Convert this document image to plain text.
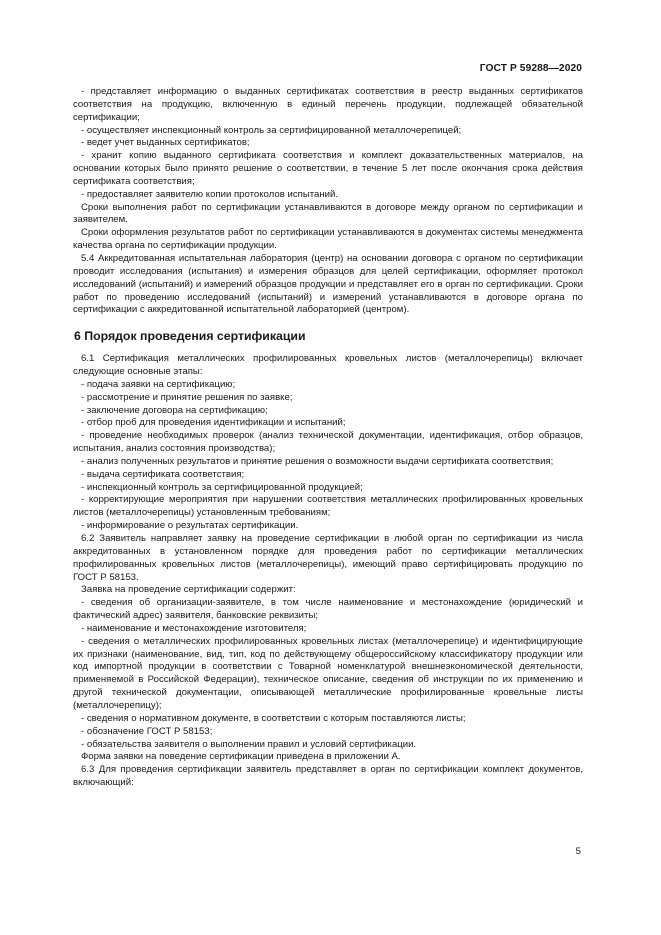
ГОСТ Р 59288—2020

- представляет информацию о выданных сертификатах соответствия в реестр выданных сертификатов соответствия на продукцию, включенную в единый перечень продукции, подлежащей обязательной сертификации;

- осуществляет инспекционный контроль за сертифицированной металлочерепицей;

- ведет учет выданных сертификатов;

- хранит копию выданного сертификата соответствия и комплект доказательственных материалов, на основании которых было принято решение о соответствии, в течение 5 лет после окончания срока действия сертификата соответствия;

- предоставляет заявителю копии протоколов испытаний.

Сроки выполнения работ по сертификации устанавливаются в договоре между органом по сертификации и заявителем.

Сроки оформления результатов работ по сертификации устанавливаются в документах системы менеджмента качества органа по сертификации продукции.

5.4 Аккредитованная испытательная лаборатория (центр) на основании договора с органом по сертификации проводит исследования (испытания) и измерения образцов для целей сертификации, оформляет протокол исследований (испытаний) и измерений образцов продукции и представляет его в орган по сертификации. Сроки работ по проведению исследований (испытаний) и измерений устанавливаются в договоре органа по сертификации с аккредитованной испытательной лабораторией (центром).

6 Порядок проведения сертификации

6.1 Сертификация металлических профилированных кровельных листов (металлочерепицы) включает следующие основные этапы:

- подача заявки на сертификацию;

- рассмотрение и принятие решения по заявке;

- заключение договора на сертификацию;

- отбор проб для проведения идентификации и испытаний;

- проведение необходимых проверок (анализ технической документации, идентификация, отбор образцов, испытания, анализ состояния производства);

- анализ полученных результатов и принятие решения о возможности выдачи сертификата соответствия;

- выдача сертификата соответствия;

- инспекционный контроль за сертифицированной продукцией;

- корректирующие мероприятия при нарушении соответствия металлических профилированных кровельных листов (металлочерепицы) установленным требованиям;

- информирование о результатах сертификации.

6.2 Заявитель направляет заявку на проведение сертификации в любой орган по сертификации из числа аккредитованных в установленном порядке для проведения работ по сертификации металлических профилированных кровельных листов (металлочерепицы), имеющий право сертифицировать продукцию по ГОСТ Р 58153.

Заявка на проведение сертификации содержит:

- сведения об организации-заявителе, в том числе наименование и местонахождение (юридический и фактический адрес) заявителя, банковские реквизиты;

- наименование и местонахождение изготовителя;

- сведения о металлических профилированных кровельных листах (металлочерепице) и идентифицирующие их признаки (наименование, вид, тип, код по действующему общероссийскому классификатору продукции или код импортной продукции в соответствии с Товарной номенклатурой внешнеэкономической деятельности, применяемой в Российской Федерации), техническое описание, сведения об инструкции по их применению и другой технической документации, описывающей металлические профилированные кровельные листы (металлочерепицу);

- сведения о нормативном документе, в соответствии с которым поставляются листы;

- обозначение ГОСТ Р 58153;

- обязательства заявителя о выполнении правил и условий сертификации.

Форма заявки на поведение сертификации приведена в приложении А.

6.3 Для проведения сертификации заявитель представляет в орган по сертификации комплект документов, включающий:

5
